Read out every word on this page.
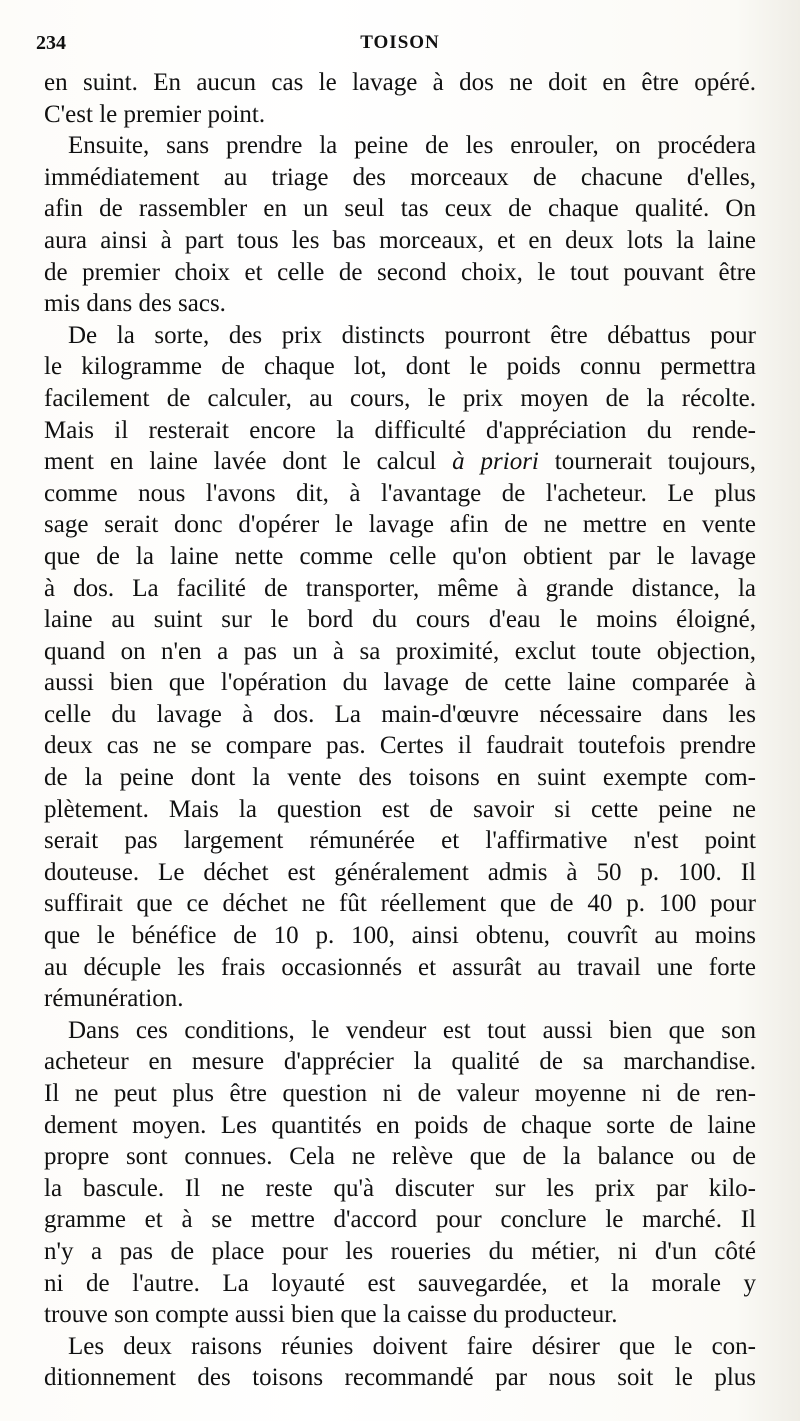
234	TOISON
en suint. En aucun cas le lavage à dos ne doit en être opéré.
C'est le premier point.
Ensuite, sans prendre la peine de les enrouler, on procédera
immédiatement au triage des morceaux de chacune d'elles,
afin de rassembler en un seul tas ceux de chaque qualité. On
aura ainsi à part tous les bas morceaux, et en deux lots la laine
de premier choix et celle de second choix, le tout pouvant être
mis dans des sacs.
De la sorte, des prix distincts pourront être débattus pour
le kilogramme de chaque lot, dont le poids connu permettra
facilement de calculer, au cours, le prix moyen de la récolte.
Mais il resterait encore la difficulté d'appréciation du rende-
ment en laine lavée dont le calcul à priori tournerait toujours,
comme nous l'avons dit, à l'avantage de l'acheteur. Le plus
sage serait donc d'opérer le lavage afin de ne mettre en vente
que de la laine nette comme celle qu'on obtient par le lavage
à dos. La facilité de transporter, même à grande distance, la
laine au suint sur le bord du cours d'eau le moins éloigné,
quand on n'en a pas un à sa proximité, exclut toute objection,
aussi bien que l'opération du lavage de cette laine comparée à
celle du lavage à dos. La main-d'œuvre nécessaire dans les
deux cas ne se compare pas. Certes il faudrait toutefois prendre
de la peine dont la vente des toisons en suint exempte com-
plètement. Mais la question est de savoir si cette peine ne
serait pas largement rémunérée et l'affirmative n'est point
douteuse. Le déchet est généralement admis à 50 p. 100. Il
suffirait que ce déchet ne fût réellement que de 40 p. 100 pour
que le bénéfice de 10 p. 100, ainsi obtenu, couvrît au moins
au décuple les frais occasionnés et assurât au travail une forte
rémunération.
Dans ces conditions, le vendeur est tout aussi bien que son
acheteur en mesure d'apprécier la qualité de sa marchandise.
Il ne peut plus être question ni de valeur moyenne ni de ren-
dement moyen. Les quantités en poids de chaque sorte de laine
propre sont connues. Cela ne relève que de la balance ou de
la bascule. Il ne reste qu'à discuter sur les prix par kilo-
gramme et à se mettre d'accord pour conclure le marché. Il
n'y a pas de place pour les roueries du métier, ni d'un côté
ni de l'autre. La loyauté est sauvegardée, et la morale y
trouve son compte aussi bien que la caisse du producteur.
Les deux raisons réunies doivent faire désirer que le con-
ditionnement des toisons recommandé par nous soit le plus
